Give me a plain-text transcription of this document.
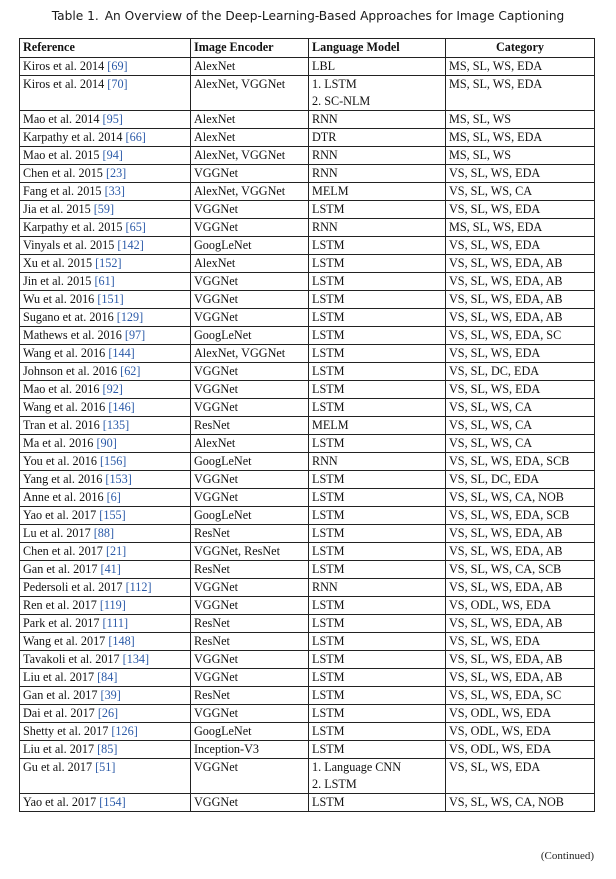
Table 1. An Overview of the Deep-Learning-Based Approaches for Image Captioning
Reference	Image Encoder	Language Model	Category
Kiros et al. 2014 [69]	AlexNet	LBL	MS, SL, WS, EDA
Kiros et al. 2014 [70]	AlexNet, VGGNet	1. LSTM
2. SC-NLM	MS, SL, WS, EDA
Mao et al. 2014 [95]	AlexNet	RNN	MS, SL, WS
Karpathy et al. 2014 [66]	AlexNet	DTR	MS, SL, WS, EDA
Mao et al. 2015 [94]	AlexNet, VGGNet	RNN	MS, SL, WS
Chen et al. 2015 [23]	VGGNet	RNN	VS, SL, WS, EDA
Fang et al. 2015 [33]	AlexNet, VGGNet	MELM	VS, SL, WS, CA
Jia et al. 2015 [59]	VGGNet	LSTM	VS, SL, WS, EDA
Karpathy et al. 2015 [65]	VGGNet	RNN	MS, SL, WS, EDA
Vinyals et al. 2015 [142]	GoogLeNet	LSTM	VS, SL, WS, EDA
Xu et al. 2015 [152]	AlexNet	LSTM	VS, SL, WS, EDA, AB
Jin et al. 2015 [61]	VGGNet	LSTM	VS, SL, WS, EDA, AB
Wu et al. 2016 [151]	VGGNet	LSTM	VS, SL, WS, EDA, AB
Sugano et at. 2016 [129]	VGGNet	LSTM	VS, SL, WS, EDA, AB
Mathews et al. 2016 [97]	GoogLeNet	LSTM	VS, SL, WS, EDA, SC
Wang et al. 2016 [144]	AlexNet, VGGNet	LSTM	VS, SL, WS, EDA
Johnson et al. 2016 [62]	VGGNet	LSTM	VS, SL, DC, EDA
Mao et al. 2016 [92]	VGGNet	LSTM	VS, SL, WS, EDA
Wang et al. 2016 [146]	VGGNet	LSTM	VS, SL, WS, CA
Tran et al. 2016 [135]	ResNet	MELM	VS, SL, WS, CA
Ma et al. 2016 [90]	AlexNet	LSTM	VS, SL, WS, CA
You et al. 2016 [156]	GoogLeNet	RNN	VS, SL, WS, EDA, SCB
Yang et al. 2016 [153]	VGGNet	LSTM	VS, SL, DC, EDA
Anne et al. 2016 [6]	VGGNet	LSTM	VS, SL, WS, CA, NOB
Yao et al. 2017 [155]	GoogLeNet	LSTM	VS, SL, WS, EDA, SCB
Lu et al. 2017 [88]	ResNet	LSTM	VS, SL, WS, EDA, AB
Chen et al. 2017 [21]	VGGNet, ResNet	LSTM	VS, SL, WS, EDA, AB
Gan et al. 2017 [41]	ResNet	LSTM	VS, SL, WS, CA, SCB
Pedersoli et al. 2017 [112]	VGGNet	RNN	VS, SL, WS, EDA, AB
Ren et al. 2017 [119]	VGGNet	LSTM	VS, ODL, WS, EDA
Park et al. 2017 [111]	ResNet	LSTM	VS, SL, WS, EDA, AB
Wang et al. 2017 [148]	ResNet	LSTM	VS, SL, WS, EDA
Tavakoli et al. 2017 [134]	VGGNet	LSTM	VS, SL, WS, EDA, AB
Liu et al. 2017 [84]	VGGNet	LSTM	VS, SL, WS, EDA, AB
Gan et al. 2017 [39]	ResNet	LSTM	VS, SL, WS, EDA, SC
Dai et al. 2017 [26]	VGGNet	LSTM	VS, ODL, WS, EDA
Shetty et al. 2017 [126]	GoogLeNet	LSTM	VS, ODL, WS, EDA
Liu et al. 2017 [85]	Inception-V3	LSTM	VS, ODL, WS, EDA
Gu et al. 2017 [51]	VGGNet	1. Language CNN
2. LSTM	VS, SL, WS, EDA
Yao et al. 2017 [154]	VGGNet	LSTM	VS, SL, WS, CA, NOB
(Continued)
